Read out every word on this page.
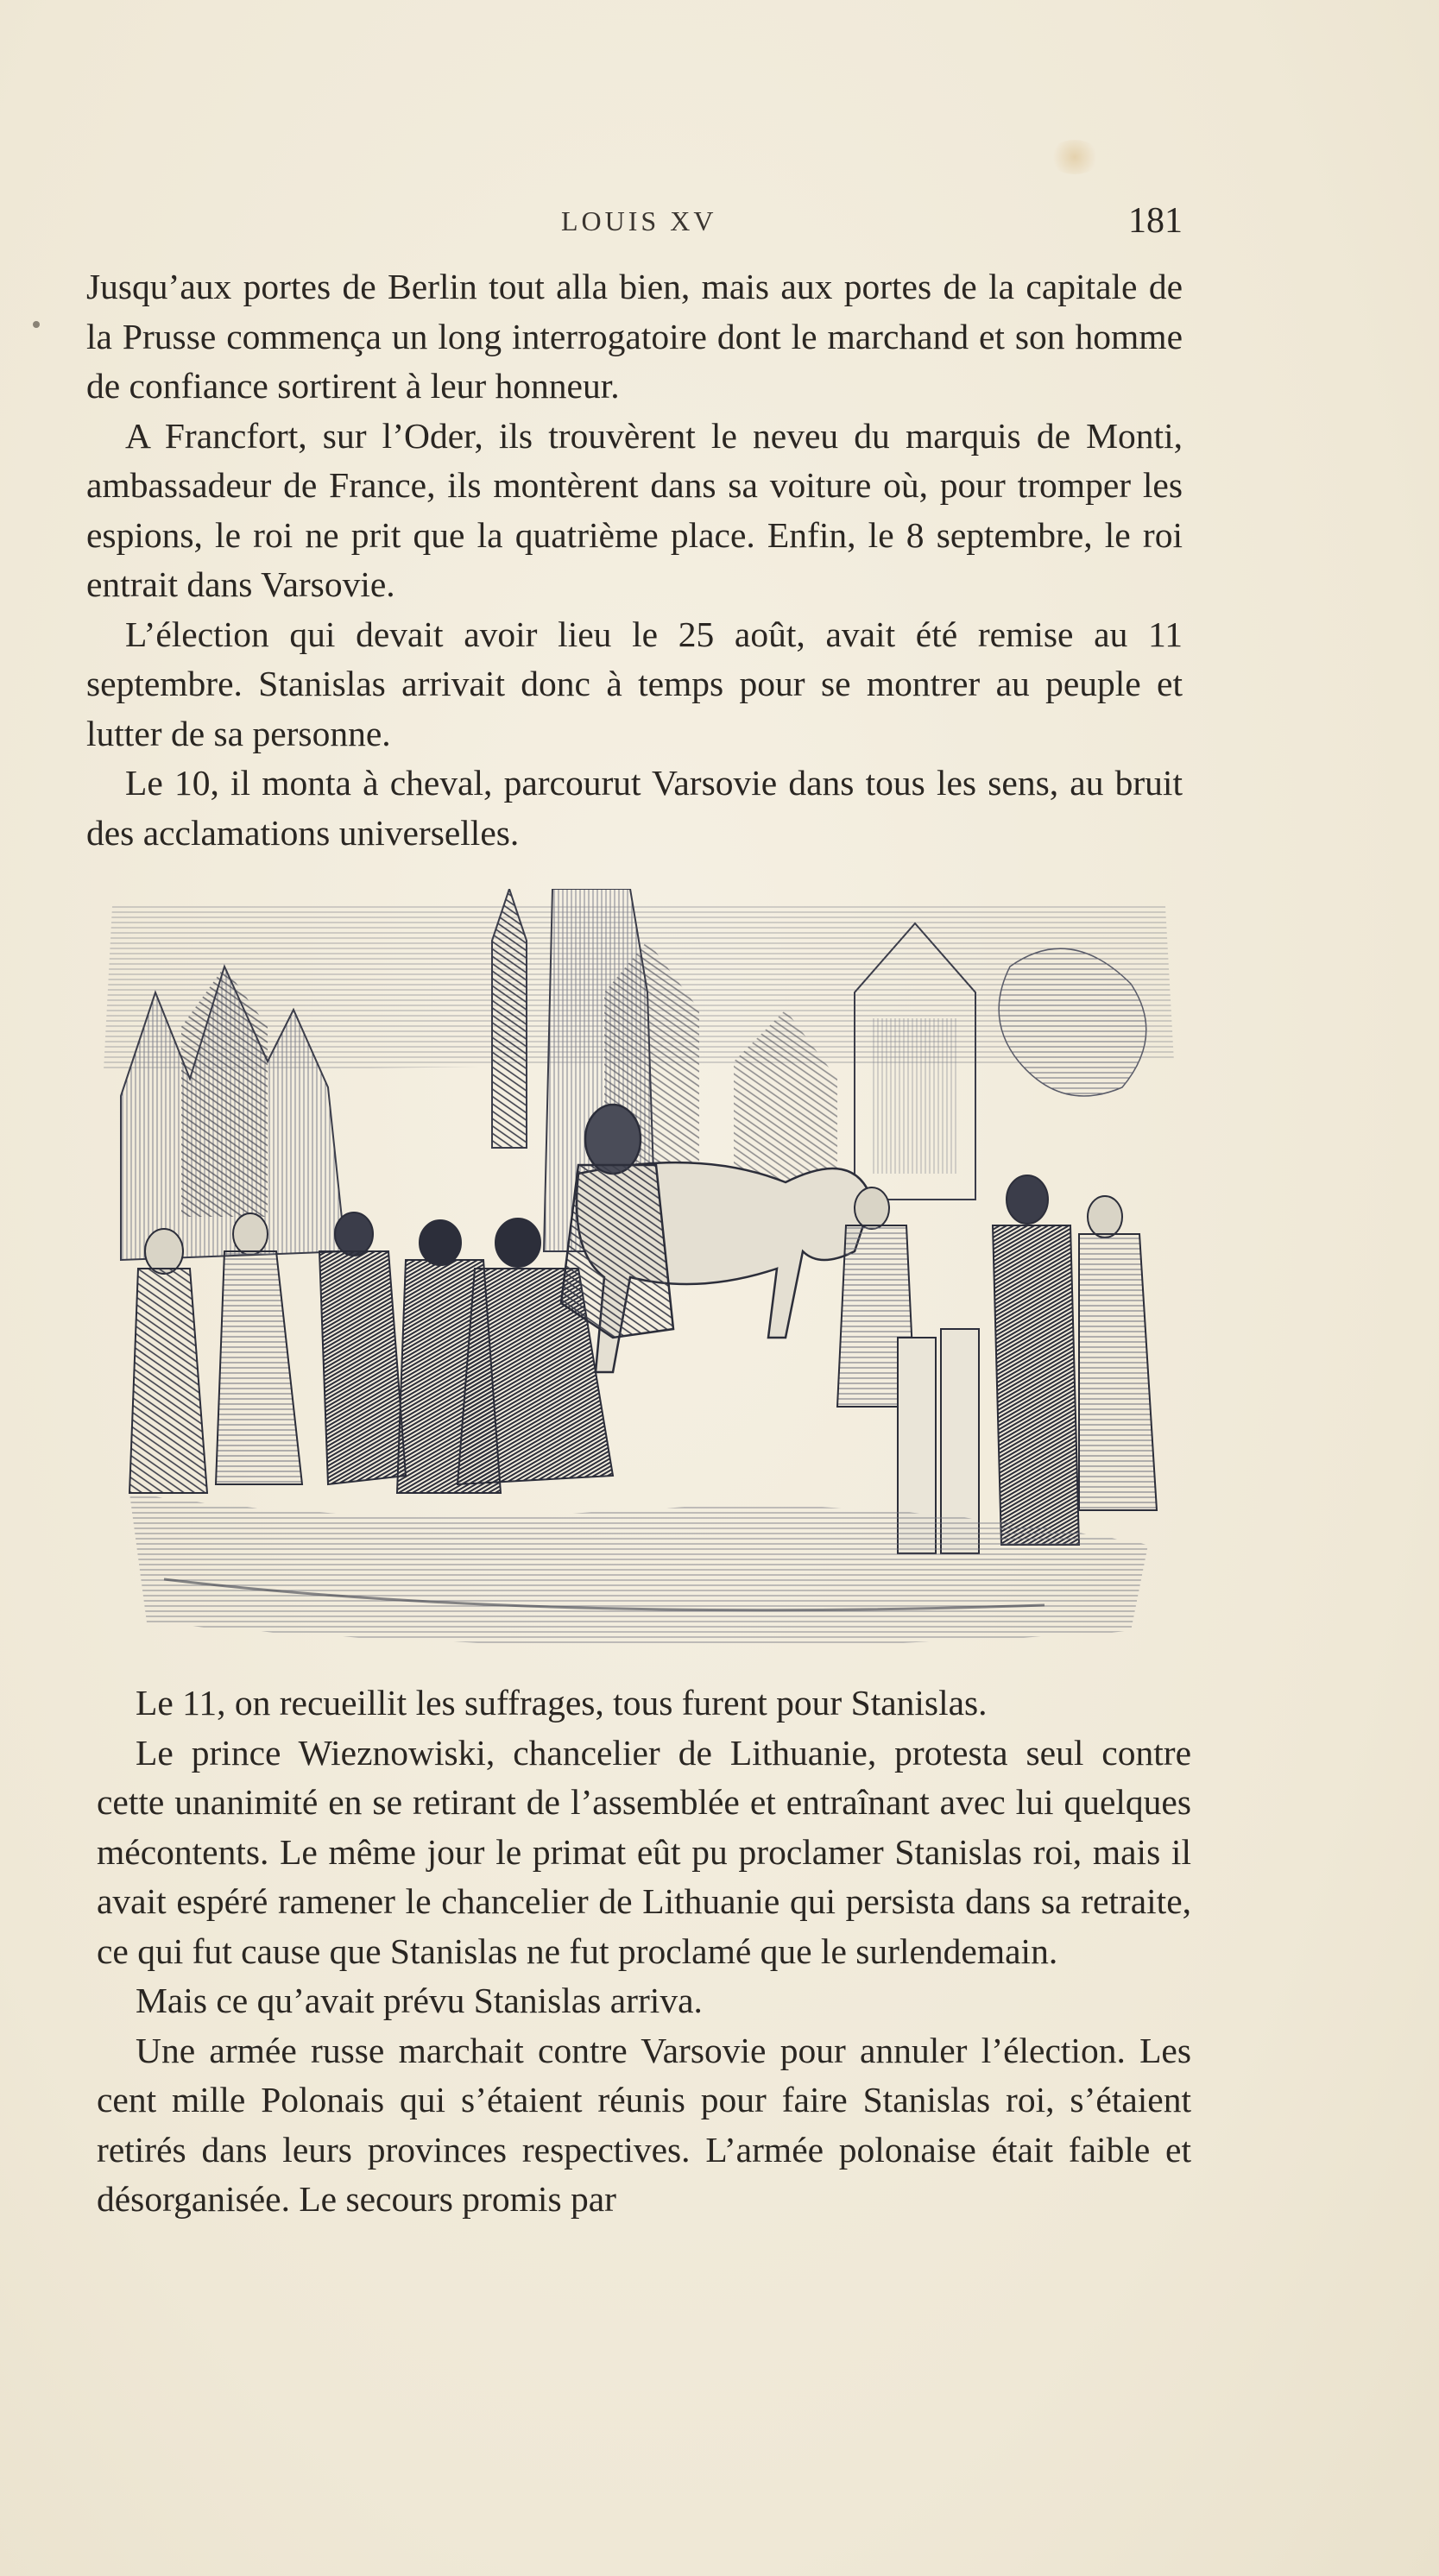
LOUIS XV	181

Jusqu’aux portes de Berlin tout alla bien, mais aux portes de la capitale de la Prusse commença un long interrogatoire dont le marchand et son homme de confiance sortirent à leur honneur.

A Francfort, sur l’Oder, ils trouvèrent le neveu du marquis de Monti, ambassadeur de France, ils montèrent dans sa voiture où, pour tromper les espions, le roi ne prit que la quatrième place. Enfin, le 8 septembre, le roi entrait dans Varsovie.

L’élection qui devait avoir lieu le 25 août, avait été remise au 11 septembre. Stanislas arrivait donc à temps pour se montrer au peuple et lutter de sa personne.

Le 10, il monta à cheval, parcourut Varsovie dans tous les sens, au bruit des acclamations universelles.

Le 11, on recueillit les suffrages, tous furent pour Stanislas.

Le prince Wieznowiski, chancelier de Lithuanie, protesta seul contre cette unanimité en se retirant de l’assemblée et entraînant avec lui quelques mécontents. Le même jour le primat eût pu proclamer Stanislas roi, mais il avait espéré ramener le chancelier de Lithuanie qui persista dans sa retraite, ce qui fut cause que Stanislas ne fut proclamé que le surlendemain.

Mais ce qu’avait prévu Stanislas arriva.

Une armée russe marchait contre Varsovie pour annuler l’élection. Les cent mille Polonais qui s’étaient réunis pour faire Stanislas roi, s’étaient retirés dans leurs provinces respectives. L’armée polonaise était faible et désorganisée. Le secours promis par
